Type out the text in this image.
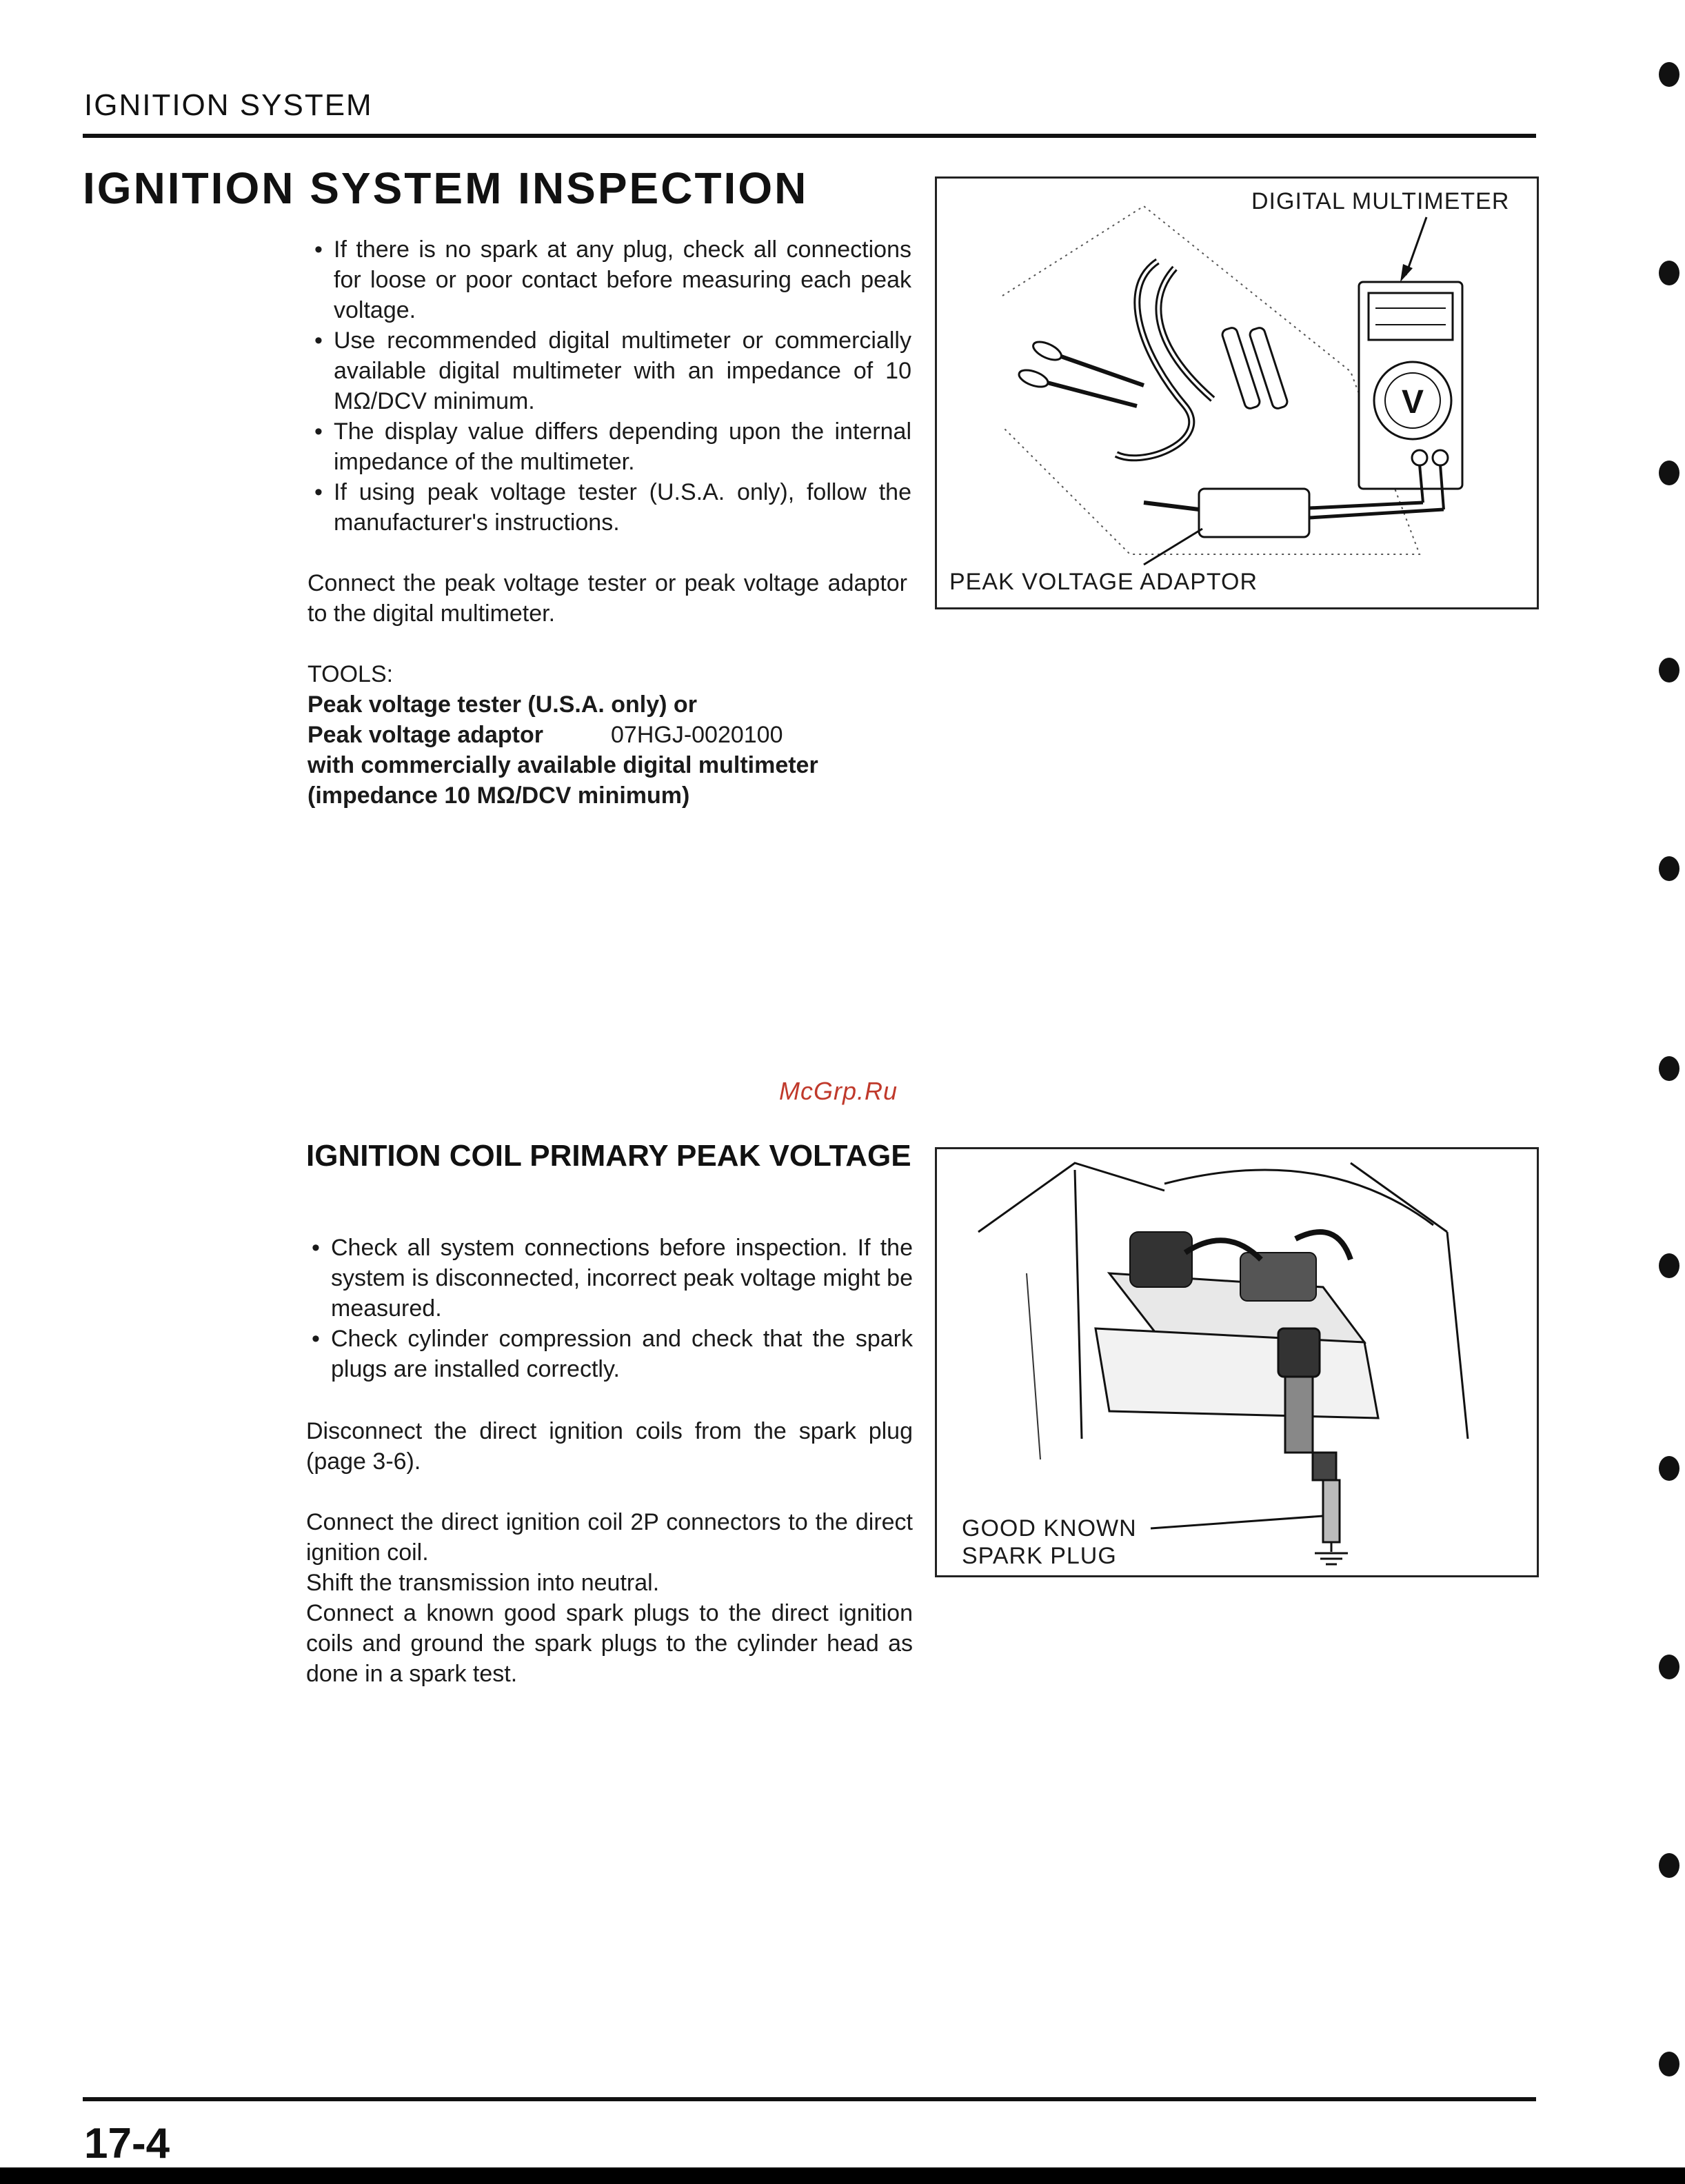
IGNITION SYSTEM
IGNITION SYSTEM INSPECTION
• If there is no spark at any plug, check all connections for loose or poor contact before measuring each peak voltage.
• Use recommended digital multimeter or commercially available digital multimeter with an impedance of 10 MΩ/DCV minimum.
• The display value differs depending upon the internal impedance of the multimeter.
• If using peak voltage tester (U.S.A. only), follow the manufacturer's instructions.
Connect the peak voltage tester or peak voltage adaptor to the digital multimeter.
TOOLS:
Peak voltage tester (U.S.A. only) or
Peak voltage adaptor	07HGJ-0020100
with commercially available digital multimeter
(impedance 10 MΩ/DCV minimum)
DIGITAL MULTIMETER
PEAK VOLTAGE ADAPTOR
V
McGrp.Ru
IGNITION COIL PRIMARY PEAK VOLTAGE
• Check all system connections before inspection. If the system is disconnected, incorrect peak voltage might be measured.
• Check cylinder compression and check that the spark plugs are installed correctly.
Disconnect the direct ignition coils from the spark plug (page 3-6).
Connect the direct ignition coil 2P connectors to the direct ignition coil.
Shift the transmission into neutral.
Connect a known good spark plugs to the direct ignition coils and ground the spark plugs to the cylinder head as done in a spark test.
GOOD KNOWN
SPARK PLUG
17-4
